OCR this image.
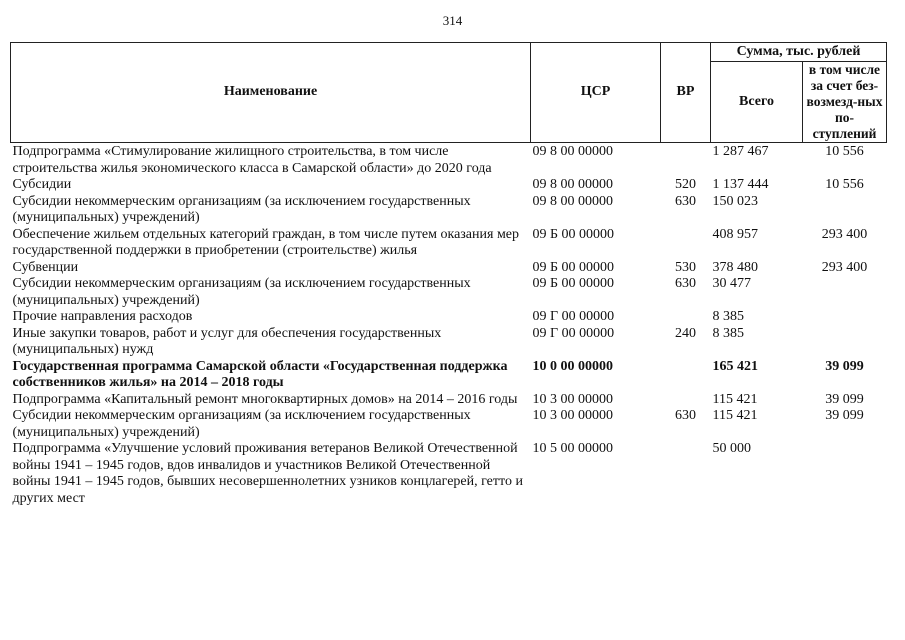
314
Наименование	ЦСР	ВР	Сумма, тыс. рублей	
			Всего	в том числе за счет без-возмезд-ных по-ступлений
Подпрограмма «Стимулирование жилищного строительства, в том числе строительства жилья экономического класса в Самарской области» до 2020 года	09 8 00 00000		1 287 467	10 556
Субсидии	09 8 00 00000	520	1 137 444	10 556
Субсидии некоммерческим организациям (за исключением государственных (муниципальных) учреждений)	09 8 00 00000	630	150 023	
Обеспечение жильем отдельных категорий граждан, в том числе путем оказания мер государственной поддержки в приобретении (строительстве) жилья	09 Б 00 00000		408 957	293 400
Субвенции	09 Б 00 00000	530	378 480	293 400
Субсидии некоммерческим организациям (за исключением государственных (муниципальных) учреждений)	09 Б 00 00000	630	30 477	
Прочие направления расходов	09 Г 00 00000		8 385	
Иные закупки товаров, работ и услуг для обеспечения государственных (муниципальных) нужд	09 Г 00 00000	240	8 385	
Государственная программа Самарской области «Государственная поддержка собственников жилья» на 2014 – 2018 годы	10 0 00 00000		165 421	39 099
Подпрограмма «Капитальный ремонт многоквартирных домов» на 2014 – 2016 годы	10 3 00 00000		115 421	39 099
Субсидии некоммерческим организациям (за исключением государственных (муниципальных) учреждений)	10 3 00 00000	630	115 421	39 099
Подпрограмма «Улучшение условий проживания ветеранов Великой Отечественной войны 1941 – 1945 годов, вдов инвалидов и участников Великой Отечественной войны 1941 – 1945 годов, бывших несовершеннолетних узников концлагерей, гетто и других мест	10 5 00 00000		50 000	
